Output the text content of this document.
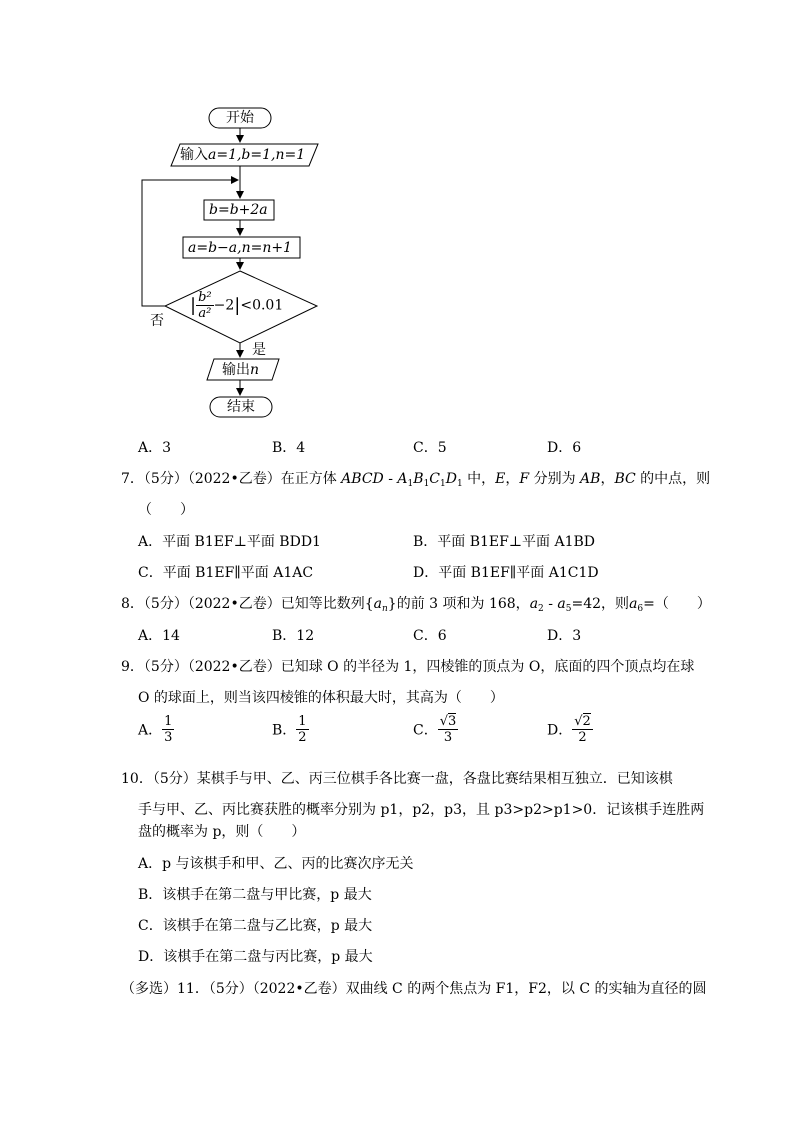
开始
输入a=1,b=1,n=1
b=b+2a
a=b−a,n=n+1
| $\frac{\text{b²}}{\text{a²}} -2|<0.01$
否
是
输出n
结束
A．3	B．4	C．5	D．6
7．（5分）（2022•乙卷）在正方体 ABCD - $A_1B_1C_1D_1$ 中，E，F 分别为 AB，BC 的中点，则
（　　）
A．平面 B1EF⊥平面 BDD1	B．平面 B1EF⊥平面 A1BD
C．平面 B1EF∥平面 A1AC	D．平面 B1EF∥平面 A1C1D
8．（5分）（2022•乙卷）已知等比数列$\{a_n\}$的前 3 项和为 168，$a_2 - a_5=42$，则$a_6=$（　　）
A．14	B．12	C．6	D．3
9．（5分）（2022•乙卷）已知球 O 的半径为 1，四棱锥的顶点为 O，底面的四个顶点均在球
O 的球面上，则当该四棱锥的体积最大时，其高为（　　）
A． $\frac{1}{3}$	B． $\frac{1}{2}$	C． $\frac{√3}{3}$	D． $\frac{√2}{2}$
10．（5分）某棋手与甲、乙、丙三位棋手各比赛一盘，各盘比赛结果相互独立．已知该棋
手与甲、乙、丙比赛获胜的概率分别为 p1，p2，p3，且 p3>p2>p1>0．记该棋手连胜两
盘的概率为 p，则（　　）
A．p 与该棋手和甲、乙、丙的比赛次序无关
B．该棋手在第二盘与甲比赛，p 最大
C．该棋手在第二盘与乙比赛，p 最大
D．该棋手在第二盘与丙比赛，p 最大
（多选）11．（5分）（2022•乙卷）双曲线 C 的两个焦点为 F1，F2，以 C 的实轴为直径的圆
